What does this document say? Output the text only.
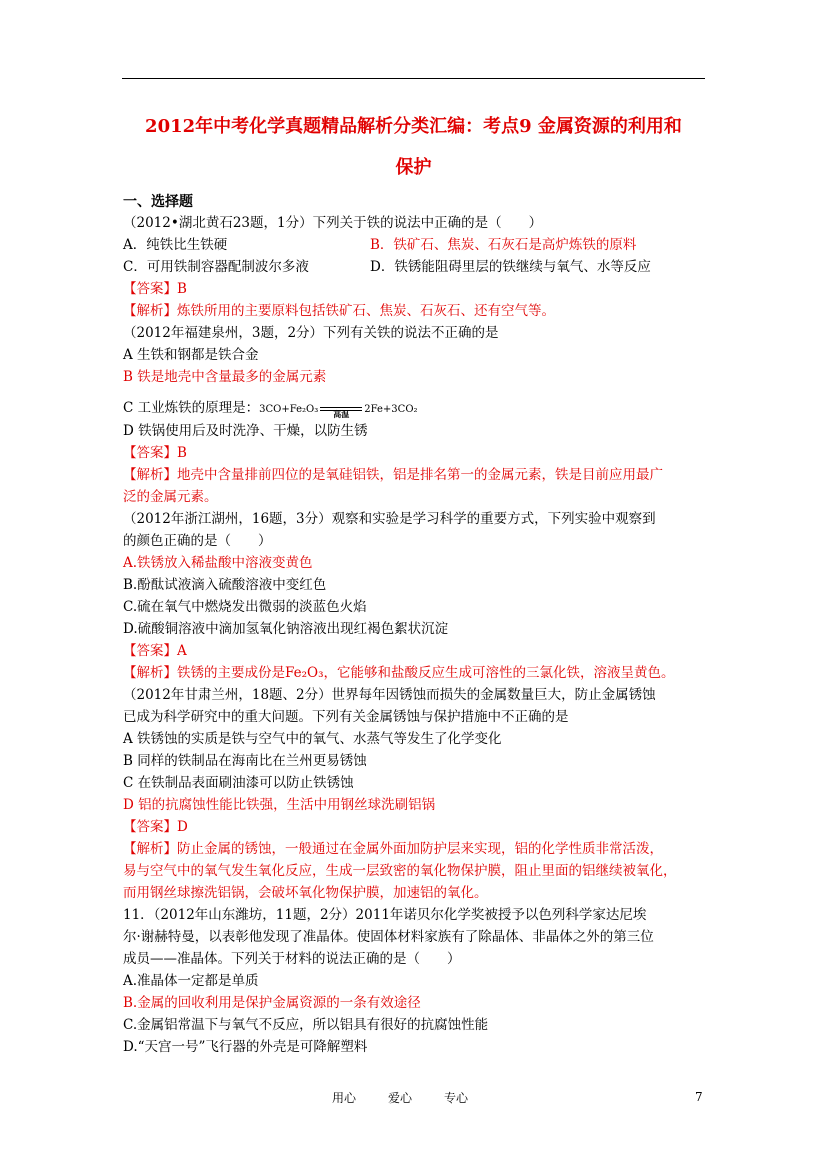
2012年中考化学真题精品解析分类汇编：考点9 金属资源的利用和
保护
一、选择题
（2012•湖北黄石23题，1分）下列关于铁的说法中正确的是（　　）
A．纯铁比生铁硬	B．铁矿石、焦炭、石灰石是高炉炼铁的原料
C．可用铁制容器配制波尔多液	D．铁锈能阻碍里层的铁继续与氧气、水等反应
【答案】B
【解析】炼铁所用的主要原料包括铁矿石、焦炭、石灰石、还有空气等。
（2012年福建泉州，3题，2分）下列有关铁的说法不正确的是
A 生铁和钢都是铁合金
B 铁是地壳中含量最多的金属元素
C 工业炼铁的原理是：3CO+Fe₂O₃	高温	2Fe+3CO₂
D 铁锅使用后及时洗净、干燥，以防生锈
【答案】B
【解析】地壳中含量排前四位的是氧硅铝铁，铝是排名第一的金属元素，铁是目前应用最广
泛的金属元素。
（2012年浙江湖州，16题，3分）观察和实验是学习科学的重要方式，下列实验中观察到
的颜色正确的是（　　）
A.铁锈放入稀盐酸中溶液变黄色
B.酚酞试液滴入硫酸溶液中变红色
C.硫在氧气中燃烧发出微弱的淡蓝色火焰
D.硫酸铜溶液中滴加氢氧化钠溶液出现红褐色絮状沉淀
【答案】A
【解析】铁锈的主要成份是Fe₂O₃，它能够和盐酸反应生成可溶性的三氯化铁，溶液呈黄色。
（2012年甘肃兰州，18题、2分）世界每年因锈蚀而损失的金属数量巨大，防止金属锈蚀
已成为科学研究中的重大问题。下列有关金属锈蚀与保护措施中不正确的是
A 铁锈蚀的实质是铁与空气中的氧气、水蒸气等发生了化学变化
B 同样的铁制品在海南比在兰州更易锈蚀
C 在铁制品表面刷油漆可以防止铁锈蚀
D 铝的抗腐蚀性能比铁强，生活中用钢丝球洗刷铝锅
【答案】D
【解析】防止金属的锈蚀，一般通过在金属外面加防护层来实现，铝的化学性质非常活泼，
易与空气中的氧气发生氧化反应，生成一层致密的氧化物保护膜，阻止里面的铝继续被氧化，
而用钢丝球擦洗铝锅，会破坏氧化物保护膜，加速铝的氧化。
11．（2012年山东潍坊，11题，2分）2011年诺贝尔化学奖被授予以色列科学家达尼埃
尔·谢赫特曼，以表彰他发现了准晶体。使固体材料家族有了除晶体、非晶体之外的第三位
成员——准晶体。下列关于材料的说法正确的是（　　）
A.准晶体一定都是单质
B.金属的回收利用是保护金属资源的一条有效途径
C.金属铝常温下与氧气不反应，所以铝具有很好的抗腐蚀性能
D.“天宫一号”飞行器的外壳是可降解塑料
用心	爱心	专心	7
